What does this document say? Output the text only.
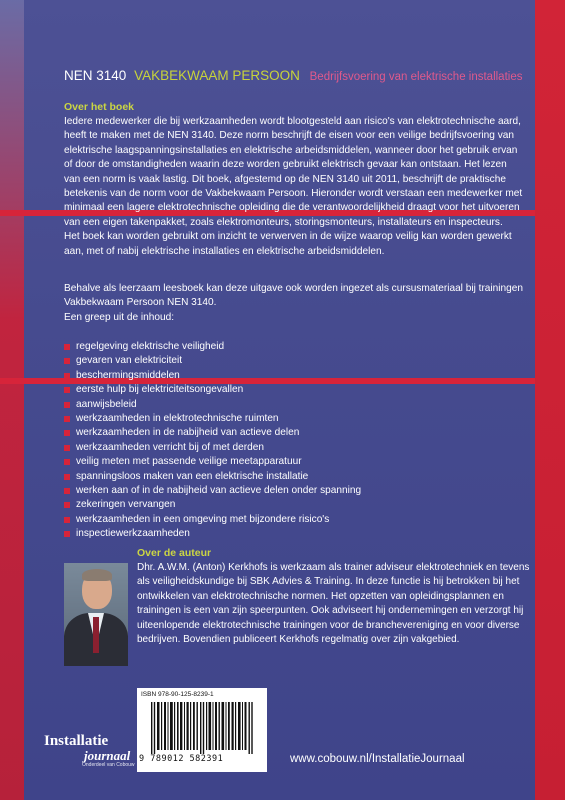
NEN 3140 VAKBEKWAAM PERSOON Bedrijfsvoering van elektrische installaties
Over het boek
Iedere medewerker die bij werkzaamheden wordt blootgesteld aan risico's van elektrotechnische aard,
heeft te maken met de NEN 3140. Deze norm beschrijft de eisen voor een veilige bedrijfsvoering van
elektrische laagspanningsinstallaties en elektrische arbeidsmiddelen, wanneer door het gebruik ervan
of door de omstandigheden waarin deze worden gebruikt elektrisch gevaar kan ontstaan. Het lezen
van een norm is vaak lastig. Dit boek, afgestemd op de NEN 3140 uit 2011, beschrijft de praktische
betekenis van de norm voor de Vakbekwaam Persoon. Hieronder wordt verstaan een medewerker met
minimaal een lagere elektrotechnische opleiding die de verantwoordelijkheid draagt voor het uitvoeren
van een eigen takenpakket, zoals elektromonteurs, storingsmonteurs, installateurs en inspecteurs.
Het boek kan worden gebruikt om inzicht te verwerven in de wijze waarop veilig kan worden gewerkt
aan, met of nabij elektrische installaties en elektrische arbeidsmiddelen.
Behalve als leerzaam leesboek kan deze uitgave ook worden ingezet als cursusmateriaal bij trainingen
Vakbekwaam Persoon NEN 3140.
Een greep uit de inhoud:
regelgeving elektrische veiligheid
gevaren van elektriciteit
beschermingsmiddelen
eerste hulp bij elektriciteitsongevallen
aanwijsbeleid
werkzaamheden in elektrotechnische ruimten
werkzaamheden in de nabijheid van actieve delen
werkzaamheden verricht bij of met derden
veilig meten met passende veilige meetapparatuur
spanningsloos maken van een elektrische installatie
werken aan of in de nabijheid van actieve delen onder spanning
zekeringen vervangen
werkzaamheden in een omgeving met bijzondere risico's
inspectiewerkzaamheden
Over de auteur
Dhr. A.W.M. (Anton) Kerkhofs is werkzaam als trainer adviseur elektrotechniek en tevens
als veiligheidskundige bij SBK Advies & Training. In deze functie is hij betrokken bij het
ontwikkelen van elektrotechnische normen. Het opzetten van opleidingsplannen en
trainingen is een van zijn speerpunten. Ook adviseert hij ondernemingen en verzorgt hij
uiteenlopende elektrotechnische trainingen voor de branchevereniging en voor diverse
bedrijven. Bovendien publiceert Kerkhofs regelmatig over zijn vakgebied.
ISBN 978-90-125-8239-1
9 789012 582391
Installatie
journaal
Onderdeel van Cobouw	www.cobouw.nl/InstallatieJournaal
